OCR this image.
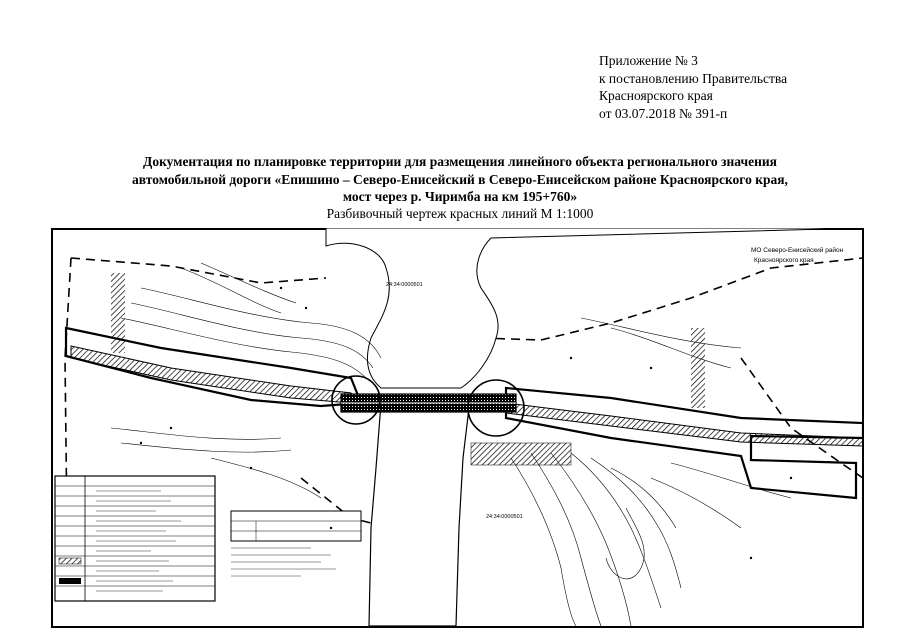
Приложение № 3
к постановлению Правительства
Красноярского края
от 03.07.2018 № 391-п
Документация по планировке территории для размещения линейного объекта регионального значения
автомобильной дороги «Епишино – Северо-Енисейский в Северо-Енисейском районе Красноярского края,
мост через р. Чиримба на км 195+760»
Разбивочный чертеж красных линий М 1:1000
МО Северо-Енисейский район
Красноярского края
24:34:0000501
24:34:0000501
